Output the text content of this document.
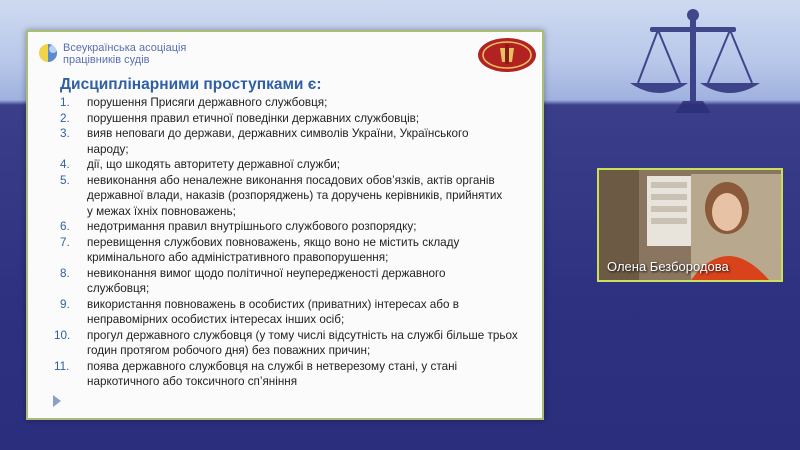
Всеукраїнська асоціація
працівників судів
Дисциплінарними проступками є:
1.	порушення Присяги державного службовця;
2.	порушення правил етичної поведінки державних службовців;
3.	вияв неповаги до держави, державних символів України, Українського
народу;
4.	дії, що шкодять авторитету державної служби;
5.	невиконання або неналежне виконання посадових обов’язків, актів органів
державної влади, наказів (розпоряджень) та доручень керівників, прийнятих
у межах їхніх повноважень;
6.	недотримання правил внутрішнього службового розпорядку;
7.	перевищення службових повноважень, якщо воно не містить складу
кримінального або адміністративного правопорушення;
8.	невиконання вимог щодо політичної неупередженості державного
службовця;
9.	використання повноважень в особистих (приватних) інтересах або в
неправомірних особистих інтересах інших осіб;
10.	прогул державного службовця (у тому числі відсутність на службі більше трьох
годин протягом робочого дня) без поважних причин;
11.	поява державного службовця на службі в нетверезому стані, у стані
наркотичного або токсичного сп’яніння
Олена Безбородова
